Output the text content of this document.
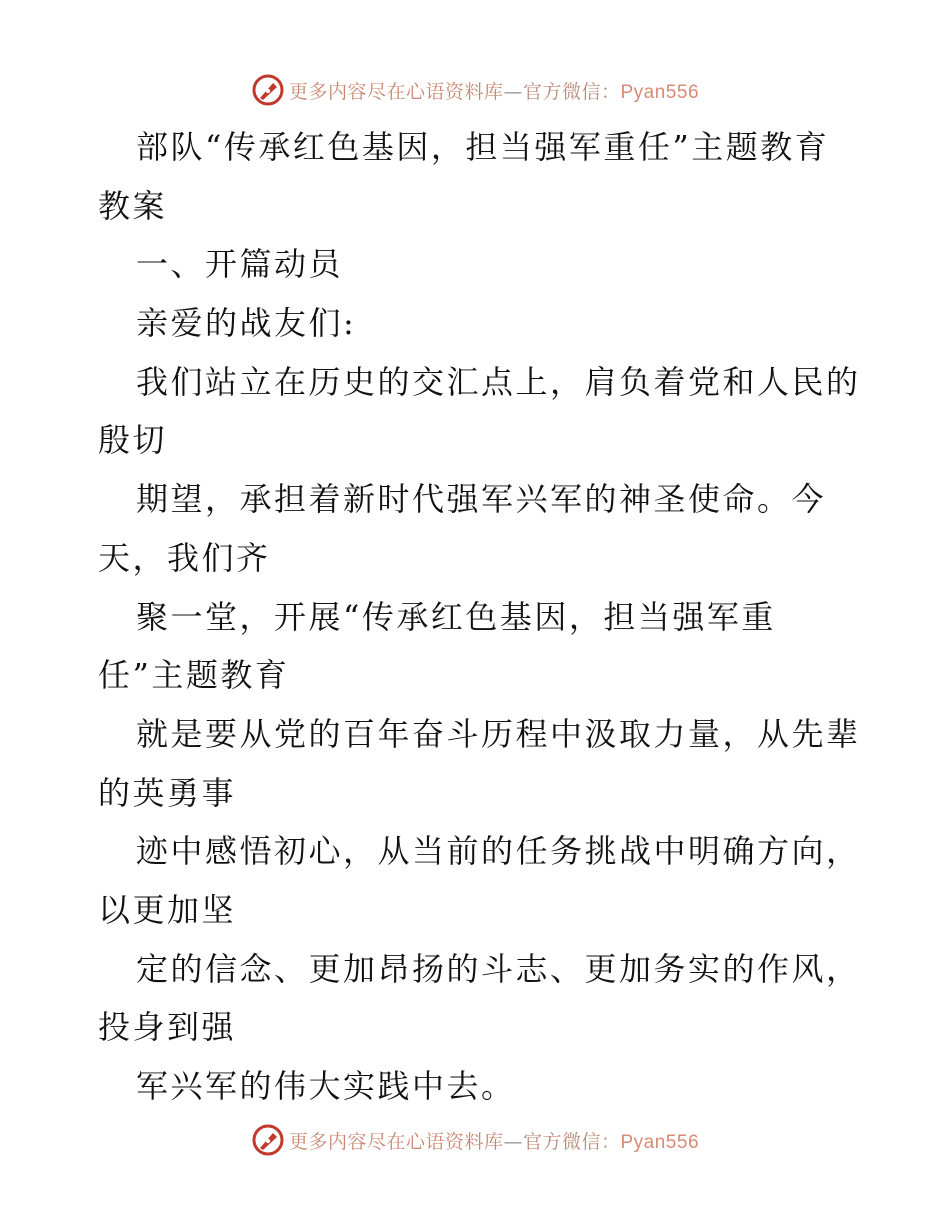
更多内容尽在心语资料库—官方微信：Pyan556
部队“传承红色基因，担当强军重任”主题教育
教案
一、开篇动员
亲爱的战友们:
我们站立在历史的交汇点上，肩负着党和人民的
殷切
期望，承担着新时代强军兴军的神圣使命。今
天，我们齐
聚一堂，开展“传承红色基因，担当强军重
任”主题教育
就是要从党的百年奋斗历程中汲取力量，从先辈
的英勇事
迹中感悟初心，从当前的任务挑战中明确方向，
以更加坚
定的信念、更加昂扬的斗志、更加务实的作风，
投身到强
军兴军的伟大实践中去。
更多内容尽在心语资料库—官方微信：Pyan556
